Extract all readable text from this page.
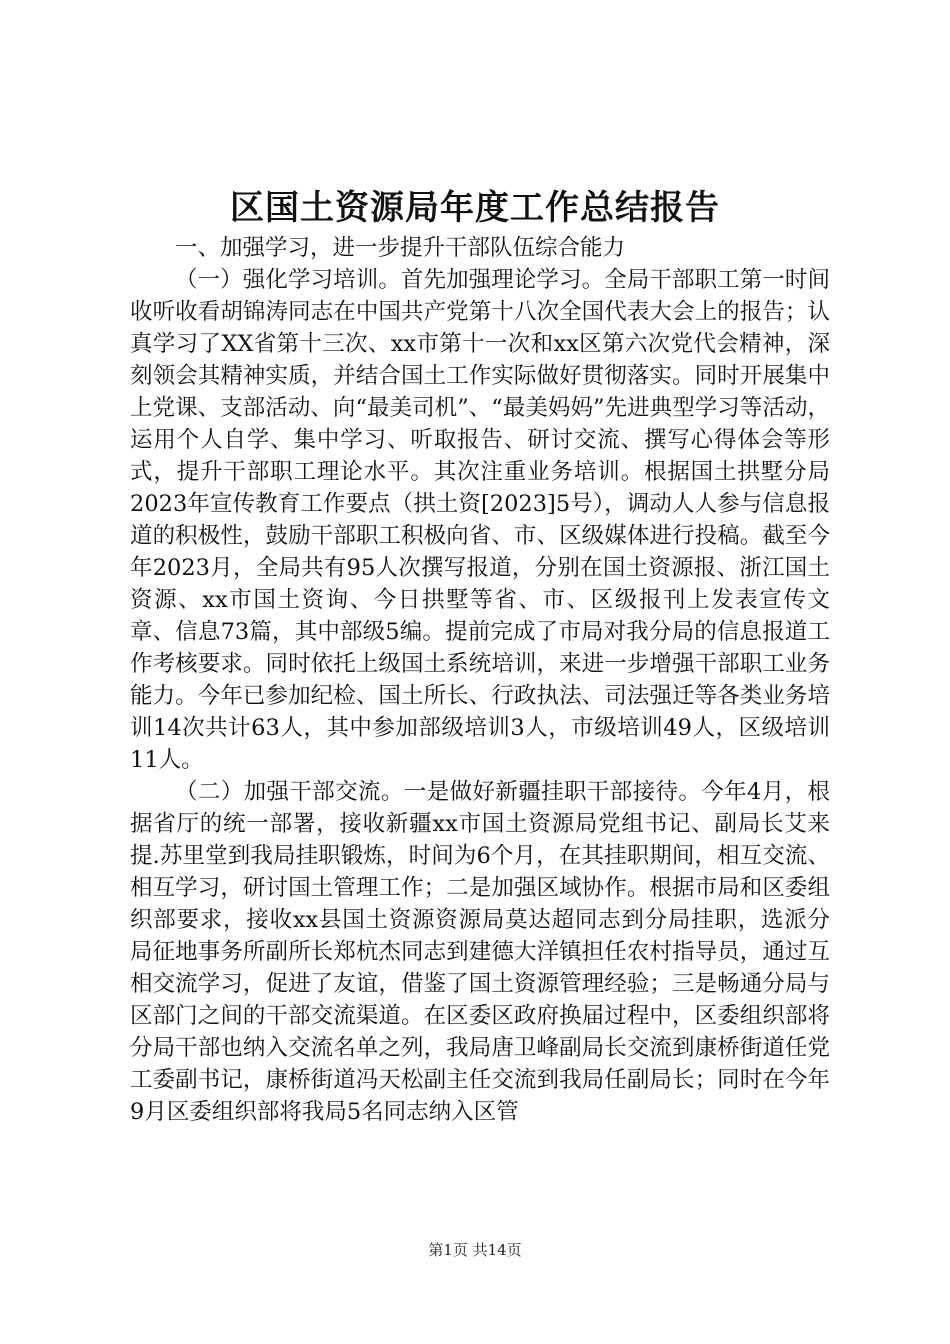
区国土资源局年度工作总结报告

一、加强学习，进一步提升干部队伍综合能力

（一）强化学习培训。首先加强理论学习。全局干部职工第一时间收听收看胡锦涛同志在中国共产党第十八次全国代表大会上的报告；认真学习了XX省第十三次、xx市第十一次和xx区第六次党代会精神，深刻领会其精神实质，并结合国土工作实际做好贯彻落实。同时开展集中上党课、支部活动、向“最美司机”、“最美妈妈”先进典型学习等活动，运用个人自学、集中学习、听取报告、研讨交流、撰写心得体会等形式，提升干部职工理论水平。其次注重业务培训。根据国土拱墅分局2023年宣传教育工作要点（拱土资[2023]5号），调动人人参与信息报道的积极性，鼓励干部职工积极向省、市、区级媒体进行投稿。截至今年2023月，全局共有95人次撰写报道，分别在国土资源报、浙江国土资源、xx市国土资询、今日拱墅等省、市、区级报刊上发表宣传文章、信息73篇，其中部级5编。提前完成了市局对我分局的信息报道工作考核要求。同时依托上级国土系统培训，来进一步增强干部职工业务能力。今年已参加纪检、国土所长、行政执法、司法强迁等各类业务培训14次共计63人，其中参加部级培训3人，市级培训49人，区级培训11人。

（二）加强干部交流。一是做好新疆挂职干部接待。今年4月，根据省厅的统一部署，接收新疆xx市国土资源局党组书记、副局长艾来提.苏里堂到我局挂职锻炼，时间为6个月，在其挂职期间，相互交流、相互学习，研讨国土管理工作；二是加强区域协作。根据市局和区委组织部要求，接收xx县国土资源资源局莫达超同志到分局挂职，选派分局征地事务所副所长郑杭杰同志到建德大洋镇担任农村指导员，通过互相交流学习，促进了友谊，借鉴了国土资源管理经验；三是畅通分局与区部门之间的干部交流渠道。在区委区政府换届过程中，区委组织部将分局干部也纳入交流名单之列，我局唐卫峰副局长交流到康桥街道任党工委副书记，康桥街道冯天松副主任交流到我局任副局长；同时在今年9月区委组织部将我局5名同志纳入区管

第1页 共14页
